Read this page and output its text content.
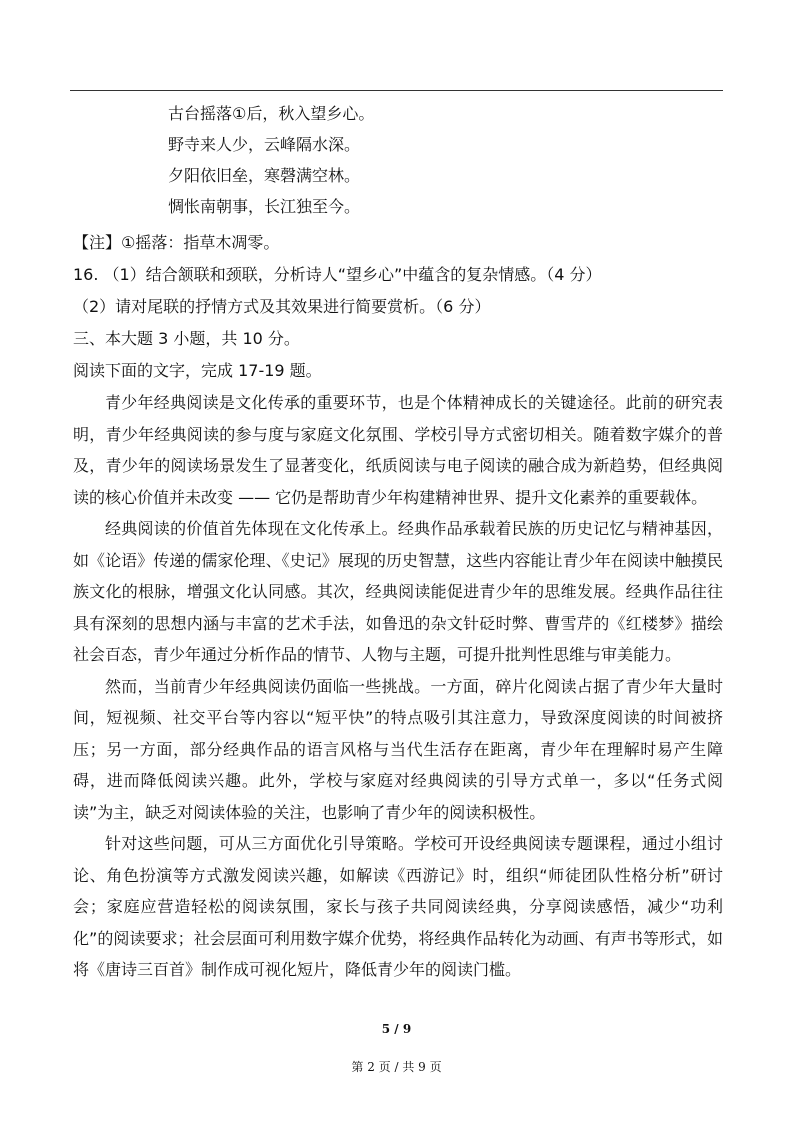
古台摇落①后，秋入望乡心。
野寺来人少，云峰隔水深。
夕阳依旧垒，寒磬满空林。
惆怅南朝事，长江独至今。
【注】①摇落：指草木凋零。
16. （1）结合颔联和颈联，分析诗人“望乡心”中蕴含的复杂情感。（4 分）
（2）请对尾联的抒情方式及其效果进行简要赏析。（6 分）
三、本大题 3 小题，共 10 分。
阅读下面的文字，完成 17-19 题。

青少年经典阅读是文化传承的重要环节，也是个体精神成长的关键途径。此前的研究表明，青少年经典阅读的参与度与家庭文化氛围、学校引导方式密切相关。随着数字媒介的普及，青少年的阅读场景发生了显著变化，纸质阅读与电子阅读的融合成为新趋势，但经典阅读的核心价值并未改变 —— 它仍是帮助青少年构建精神世界、提升文化素养的重要载体。

经典阅读的价值首先体现在文化传承上。经典作品承载着民族的历史记忆与精神基因，如《论语》传递的儒家伦理、《史记》展现的历史智慧，这些内容能让青少年在阅读中触摸民族文化的根脉，增强文化认同感。其次，经典阅读能促进青少年的思维发展。经典作品往往具有深刻的思想内涵与丰富的艺术手法，如鲁迅的杂文针砭时弊、曹雪芹的《红楼梦》描绘社会百态，青少年通过分析作品的情节、人物与主题，可提升批判性思维与审美能力。

然而，当前青少年经典阅读仍面临一些挑战。一方面，碎片化阅读占据了青少年大量时间，短视频、社交平台等内容以“短平快”的特点吸引其注意力，导致深度阅读的时间被挤压；另一方面，部分经典作品的语言风格与当代生活存在距离，青少年在理解时易产生障碍，进而降低阅读兴趣。此外，学校与家庭对经典阅读的引导方式单一，多以“任务式阅读”为主，缺乏对阅读体验的关注，也影响了青少年的阅读积极性。

针对这些问题，可从三方面优化引导策略。学校可开设经典阅读专题课程，通过小组讨论、角色扮演等方式激发阅读兴趣，如解读《西游记》时，组织“师徒团队性格分析”研讨会；家庭应营造轻松的阅读氛围，家长与孩子共同阅读经典，分享阅读感悟，减少“功利化”的阅读要求；社会层面可利用数字媒介优势，将经典作品转化为动画、有声书等形式，如将《唐诗三百首》制作成可视化短片，降低青少年的阅读门槛。

5 / 9
第 2 页 / 共 9 页
